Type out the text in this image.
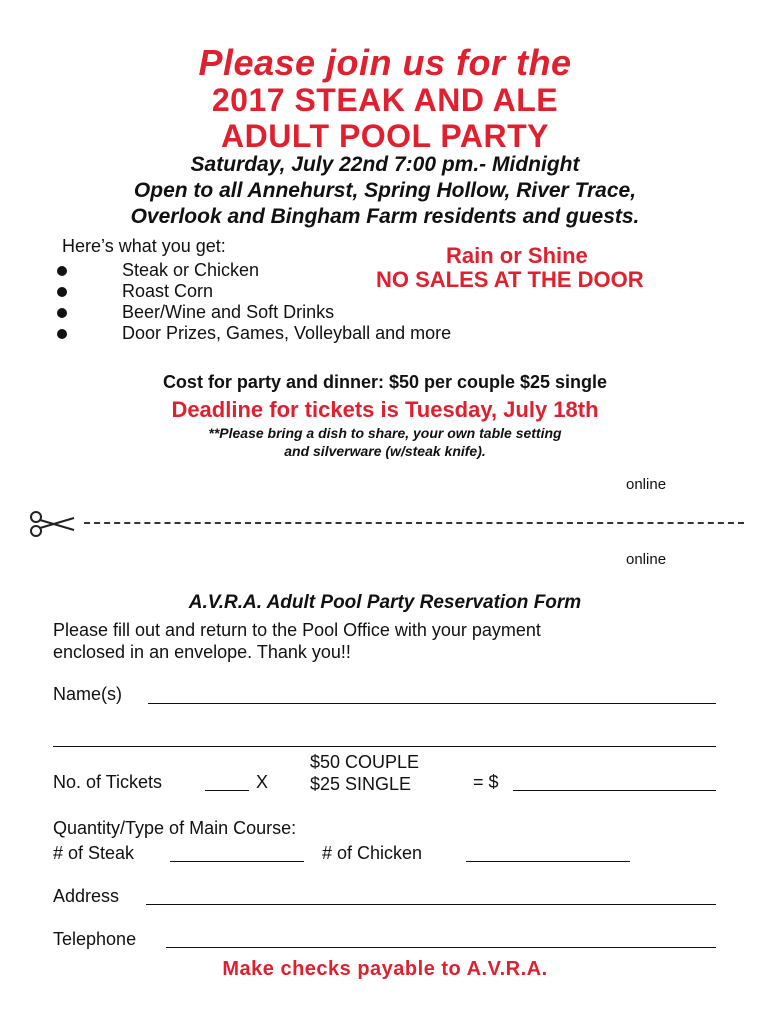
Please join us for the
2017 STEAK AND ALE
ADULT POOL PARTY
Saturday, July 22nd 7:00 pm.- Midnight
Open to all Annehurst, Spring Hollow, River Trace,
Overlook and Bingham Farm residents and guests.
Here’s what you get:
Steak or Chicken
Roast Corn
Beer/Wine and Soft Drinks
Door Prizes, Games, Volleyball and more
Rain or Shine
NO SALES AT THE DOOR
Cost for party and dinner: $50 per couple $25 single
Deadline for tickets is Tuesday, July 18th
**Please bring a dish to share, your own table setting
and silverware (w/steak knife).
online
online
A.V.R.A. Adult Pool Party Reservation Form
Please fill out and return to the Pool Office with your payment
enclosed in an envelope. Thank you!!
Name(s)
No. of Tickets	X
$50 COUPLE
$25 SINGLE	= $
Quantity/Type of Main Course:
# of Steak	# of Chicken
Address
Telephone
Make checks payable to A.V.R.A.
